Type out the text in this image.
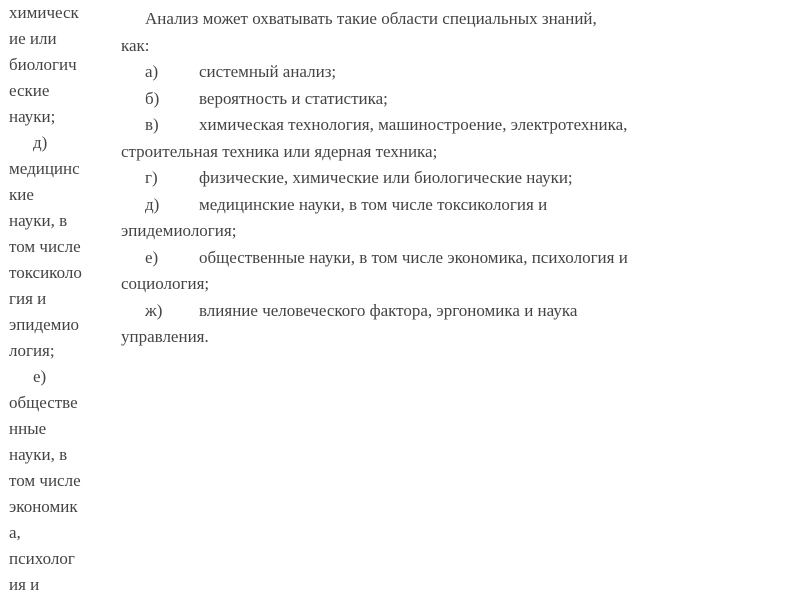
химическ
ие или
биологич
еские
науки;
д)
медицинс
кие
науки, в
том числе
токсиколо
гия и
эпидемио
логия;
е)
обществе
нные
науки, в
том числе
экономик
а,
психолог
ия и
Анализ может охватывать такие области специальных знаний,
как:
а) системный анализ;
б) вероятность и статистика;
в) химическая технология, машиностроение, электротехника,
строительная техника или ядерная техника;
г) физические, химические или биологические науки;
д) медицинские науки, в том числе токсикология и
эпидемиология;
е) общественные науки, в том числе экономика, психология и
социология;
ж) влияние человеческого фактора, эргономика и наука
управления.
